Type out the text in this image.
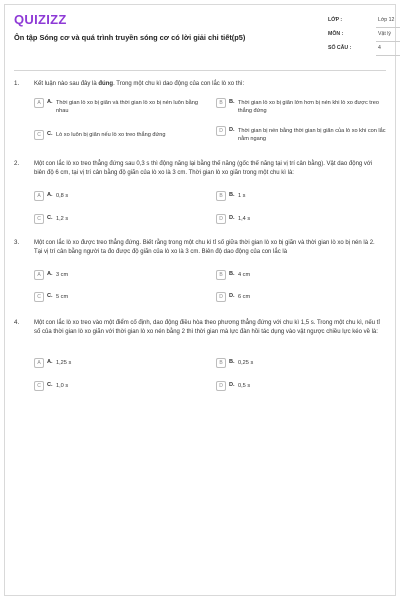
QUIZIZZ
Ôn tập Sóng cơ và quá trình truyền sóng cơ có lời giải chi tiết(p5)
LỚP :	Lớp 12
MÔN :	Vật lý
SỐ CÂU :	4
1. Kết luận nào sau đây là đúng. Trong một chu kì dao động của con lắc lò xo thì:
A	A. Thời gian lò xo bị giãn và thời gian lò xo bị nén luôn bằng nhau
B	B. Thời gian lò xo bị giãn lớn hơn bị nén khi lò xo được treo thẳng đứng
C	C. Lò xo luôn bị giãn nếu lò xo treo thẳng đứng
D	D. Thời gian bị nén bằng thời gian bị giãn của lò xo khi con lắc nằm ngang
2. Một con lắc lò xo treo thẳng đứng sau 0,3 s thì động năng lại bằng thế năng (gốc thế năng tại vị trí cân bằng). Vật dao động với biên độ 6 cm, tại vị trí cân bằng độ giãn của lò xo là 3 cm. Thời gian lò xo giãn trong một chu kì là:
A	A. 0,8 s	B	B. 1 s
C	C. 1,2 s	D	D. 1,4 s
3. Một con lắc lò xo được treo thẳng đứng. Biết rằng trong một chu kì tỉ số giữa thời gian lò xo bị giãn và thời gian lò xo bị nén là 2. Tại vị trí cân bằng người ta đo được độ giãn của lò xo là 3 cm. Biên độ dao động của con lắc là
A	A. 3 cm	B	B. 4 cm
C	C. 5 cm	D	D. 6 cm
4. Một con lắc lò xo treo vào một điểm cố định, dao động điều hòa theo phương thẳng đứng với chu kì 1,5 s. Trong một chu kì, nếu tỉ số của thời gian lò xo giãn với thời gian lò xo nén bằng 2 thì thời gian mà lực đàn hồi tác dụng vào vật ngược chiều lực kéo về là:
A	A. 1,25 s	B	B. 0,25 s
C	C. 1,0 s	D	D. 0,5 s
